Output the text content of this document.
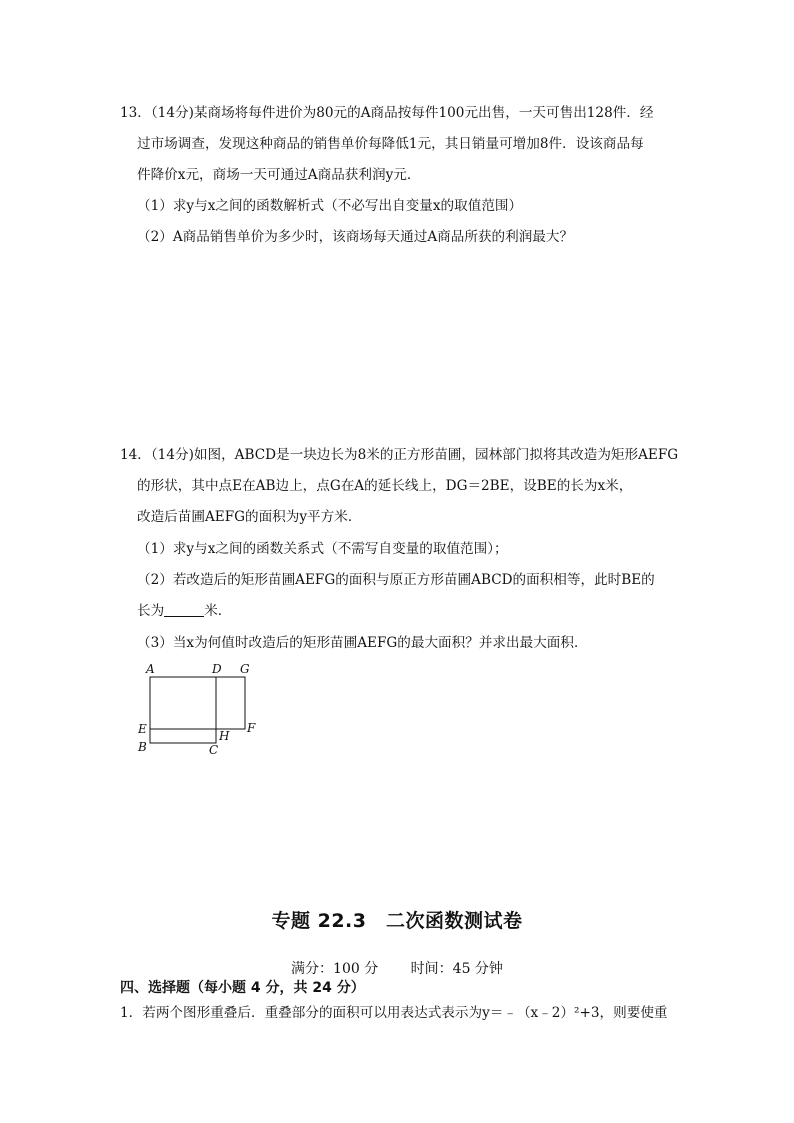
13．（14分)某商场将每件进价为80元的A商品按每件100元出售，一天可售出128件．经
过市场调查，发现这种商品的销售单价每降低1元，其日销量可增加8件．设该商品每
件降价x元，商场一天可通过A商品获利润y元．
（1）求y与x之间的函数解析式（不必写出自变量x的取值范围）
（2）A商品销售单价为多少时，该商场每天通过A商品所获的利润最大？
14．（14分)如图，ABCD是一块边长为8米的正方形苗圃，园林部门拟将其改造为矩形AEFG
的形状，其中点E在AB边上，点G在A的延长线上，DG＝2BE，设BE的长为x米，
改造后苗圃AEFG的面积为y平方米．
（1）求y与x之间的函数关系式（不需写自变量的取值范围）；
（2）若改造后的矩形苗圃AEFG的面积与原正方形苗圃ABCD的面积相等，此时BE的
长为	米．
（3）当x为何值时改造后的矩形苗圃AEFG的最大面积？并求出最大面积．
A	D G
E	F
B
H
C
专题 22.3　二次函数测试卷
满分：100 分 时间：45 分钟
四、选择题（每小题 4 分，共 24 分）
1．若两个图形重叠后．重叠部分的面积可以用表达式表示为y＝﹣（x﹣2）²+3，则要使重
